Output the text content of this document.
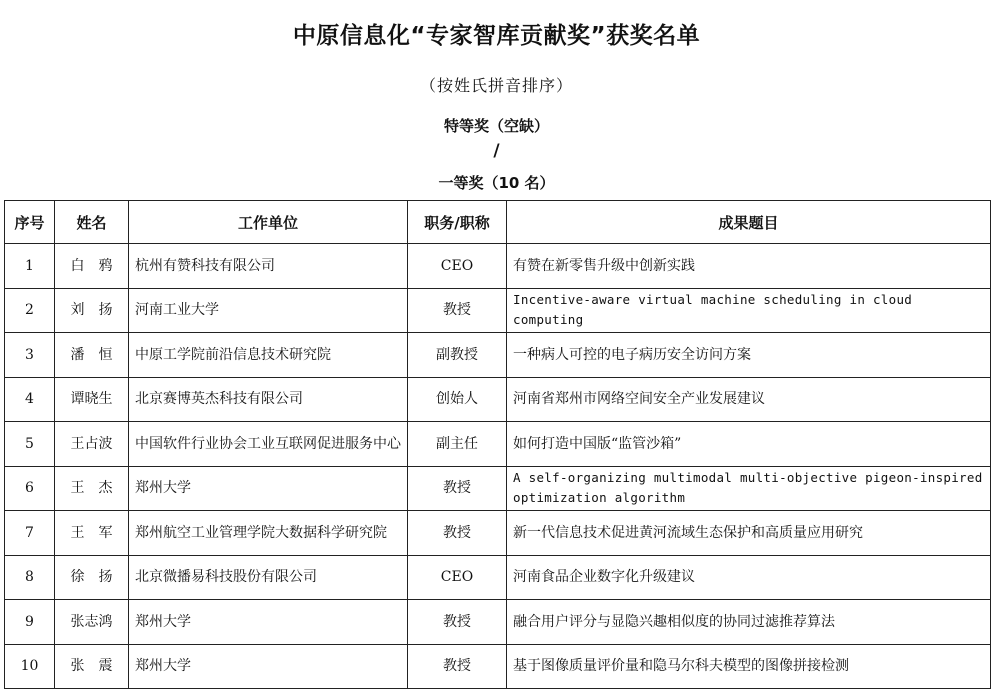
中原信息化“专家智库贡献奖”获奖名单
（按姓氏拼音排序）
特等奖（空缺）
/
一等奖（10 名）
序号	姓名	工作单位	职务/职称	成果题目
1	白　鸦	杭州有赞科技有限公司	CEO	有赞在新零售升级中创新实践
2	刘　扬	河南工业大学	教授	Incentive-aware virtual machine scheduling in cloud computing
3	潘　恒	中原工学院前沿信息技术研究院	副教授	一种病人可控的电子病历安全访问方案
4	谭晓生	北京赛博英杰科技有限公司	创始人	河南省郑州市网络空间安全产业发展建议
5	王占波	中国软件行业协会工业互联网促进服务中心	副主任	如何打造中国版“监管沙箱”
6	王　杰	郑州大学	教授	A self-organizing multimodal multi-objective pigeon-inspired optimization algorithm
7	王　军	郑州航空工业管理学院大数据科学研究院	教授	新一代信息技术促进黄河流域生态保护和高质量应用研究
8	徐　扬	北京微播易科技股份有限公司	CEO	河南食品企业数字化升级建议
9	张志鸿	郑州大学	教授	融合用户评分与显隐兴趣相似度的协同过滤推荐算法
10	张　震	郑州大学	教授	基于图像质量评价量和隐马尔科夫模型的图像拼接检测
